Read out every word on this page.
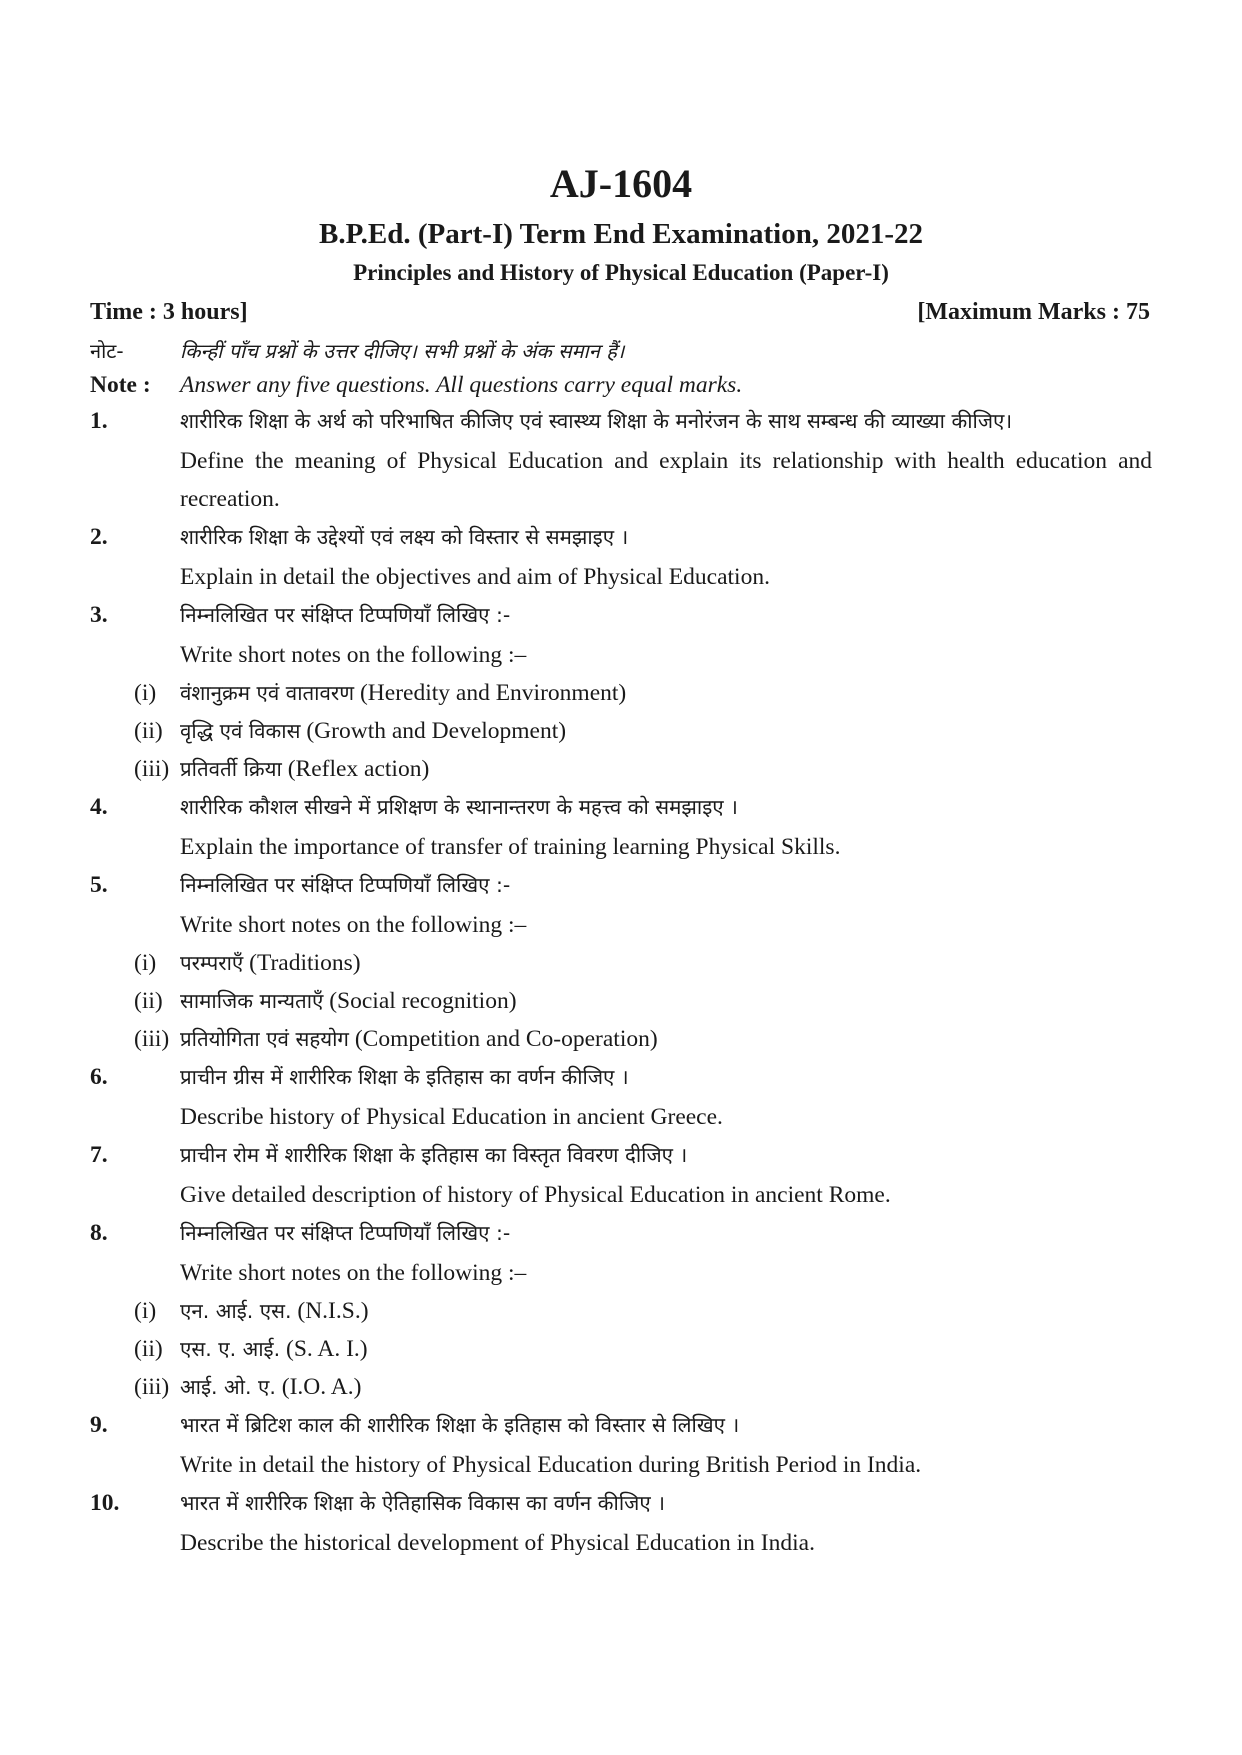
AJ-1604
B.P.Ed. (Part-I) Term End Examination, 2021-22
Principles and History of Physical Education (Paper-I)
Time : 3 hours]	[Maximum Marks : 75
नोट-	किन्हीं पाँच प्रश्नों के उत्तर दीजिए। सभी प्रश्नों के अंक समान हैं।
Note :	Answer any five questions. All questions carry equal marks.
1.	शारीरिक शिक्षा के अर्थ को परिभाषित कीजिए एवं स्वास्थ्य शिक्षा के मनोरंजन के साथ सम्बन्ध की व्याख्या कीजिए।
Define the meaning of Physical Education and explain its relationship with health education and recreation.
2.	शारीरिक शिक्षा के उद्देश्यों एवं लक्ष्य को विस्तार से समझाइए ।
Explain in detail the objectives and aim of Physical Education.
3.	निम्नलिखित पर संक्षिप्त टिप्पणियाँ लिखिए :-
Write short notes on the following :–
(i)	वंशानुक्रम एवं वातावरण (Heredity and Environment)
(ii) वृद्धि एवं विकास (Growth and Development)
(iii) प्रतिवर्ती क्रिया (Reflex action)
4.	शारीरिक कौशल सीखने में प्रशिक्षण के स्थानान्तरण के महत्त्व को समझाइए ।
Explain the importance of transfer of training learning Physical Skills.
5.	निम्नलिखित पर संक्षिप्त टिप्पणियाँ लिखिए :-
Write short notes on the following :–
(i)	परम्पराएँ (Traditions)
(ii) सामाजिक मान्यताएँ (Social recognition)
(iii) प्रतियोगिता एवं सहयोग (Competition and Co-operation)
6.	प्राचीन ग्रीस में शारीरिक शिक्षा के इतिहास का वर्णन कीजिए ।
Describe history of Physical Education in ancient Greece.
7.	प्राचीन रोम में शारीरिक शिक्षा के इतिहास का विस्तृत विवरण दीजिए ।
Give detailed description of history of Physical Education in ancient Rome.
8.	निम्नलिखित पर संक्षिप्त टिप्पणियाँ लिखिए :-
Write short notes on the following :–
(i)	एन. आई. एस. (N.I.S.)
(ii) एस. ए. आई. (S. A. I.)
(iii) आई. ओ. ए. (I.O. A.)
9.	भारत में ब्रिटिश काल की शारीरिक शिक्षा के इतिहास को विस्तार से लिखिए ।
Write in detail the history of Physical Education during British Period in India.
10.	भारत में शारीरिक शिक्षा के ऐतिहासिक विकास का वर्णन कीजिए ।
Describe the historical development of Physical Education in India.
